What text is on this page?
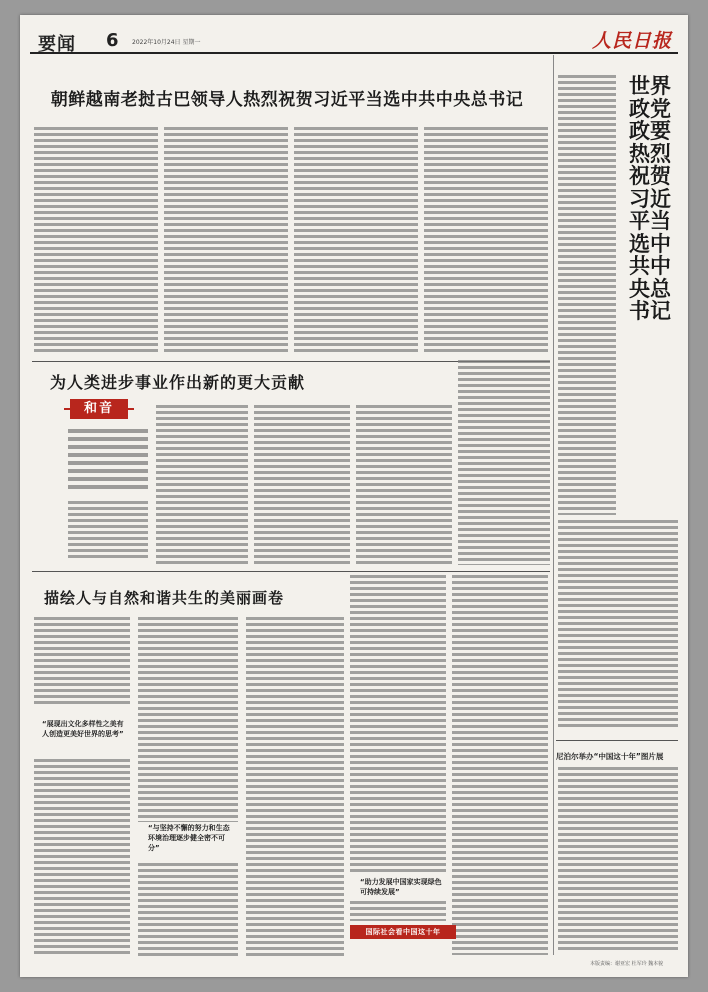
要闻 6 2022年10月24日 星期一	人民日报
朝鲜越南老挝古巴领导人热烈祝贺习近平当选中共中央总书记
世界政党政要热烈祝贺习近平当选中共中央总书记
尼泊尔举办“中国这十年”图片展
本版责编：谢亚宏 杜军玲 魏本貌
为人类进步事业作出新的更大贡献
和音
描绘人与自然和谐共生的美丽画卷
“展现出文化多样性之美有人创造更美好世界的思考”
“与坚持不懈的努力和生态环境治理逐步健全密不可分”
“助力发展中国家实现绿色可持续发展”
国际社会看中国这十年
